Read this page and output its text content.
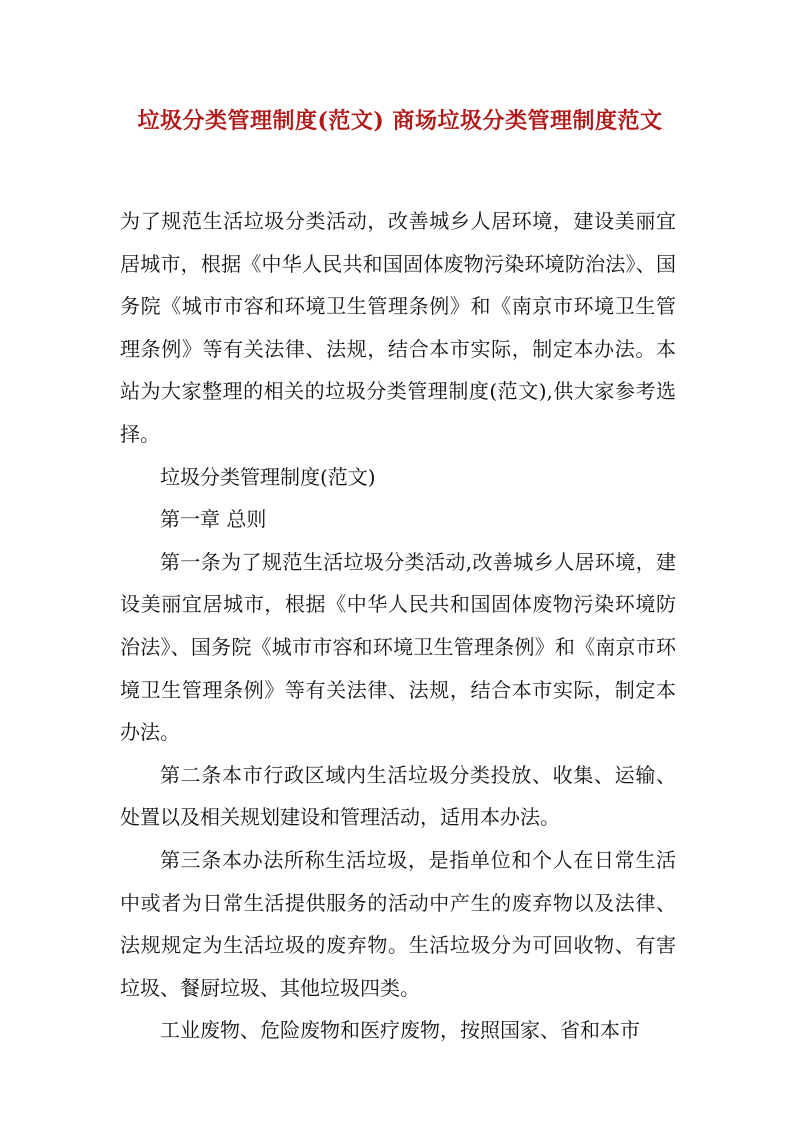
垃圾分类管理制度(范文) 商场垃圾分类管理制度范文

为了规范生活垃圾分类活动，改善城乡人居环境，建设美丽宜居城市，根据《中华人民共和国固体废物污染环境防治法》、国务院《城市市容和环境卫生管理条例》和《南京市环境卫生管理条例》等有关法律、法规，结合本市实际，制定本办法。本站为大家整理的相关的垃圾分类管理制度(范文),供大家参考选择。

垃圾分类管理制度(范文)

第一章 总则

第一条为了规范生活垃圾分类活动,改善城乡人居环境，建设美丽宜居城市，根据《中华人民共和国固体废物污染环境防治法》、国务院《城市市容和环境卫生管理条例》和《南京市环境卫生管理条例》等有关法律、法规，结合本市实际，制定本办法。

第二条本市行政区域内生活垃圾分类投放、收集、运输、处置以及相关规划建设和管理活动，适用本办法。

第三条本办法所称生活垃圾，是指单位和个人在日常生活中或者为日常生活提供服务的活动中产生的废弃物以及法律、法规规定为生活垃圾的废弃物。生活垃圾分为可回收物、有害垃圾、餐厨垃圾、其他垃圾四类。

工业废物、危险废物和医疗废物，按照国家、省和本市
